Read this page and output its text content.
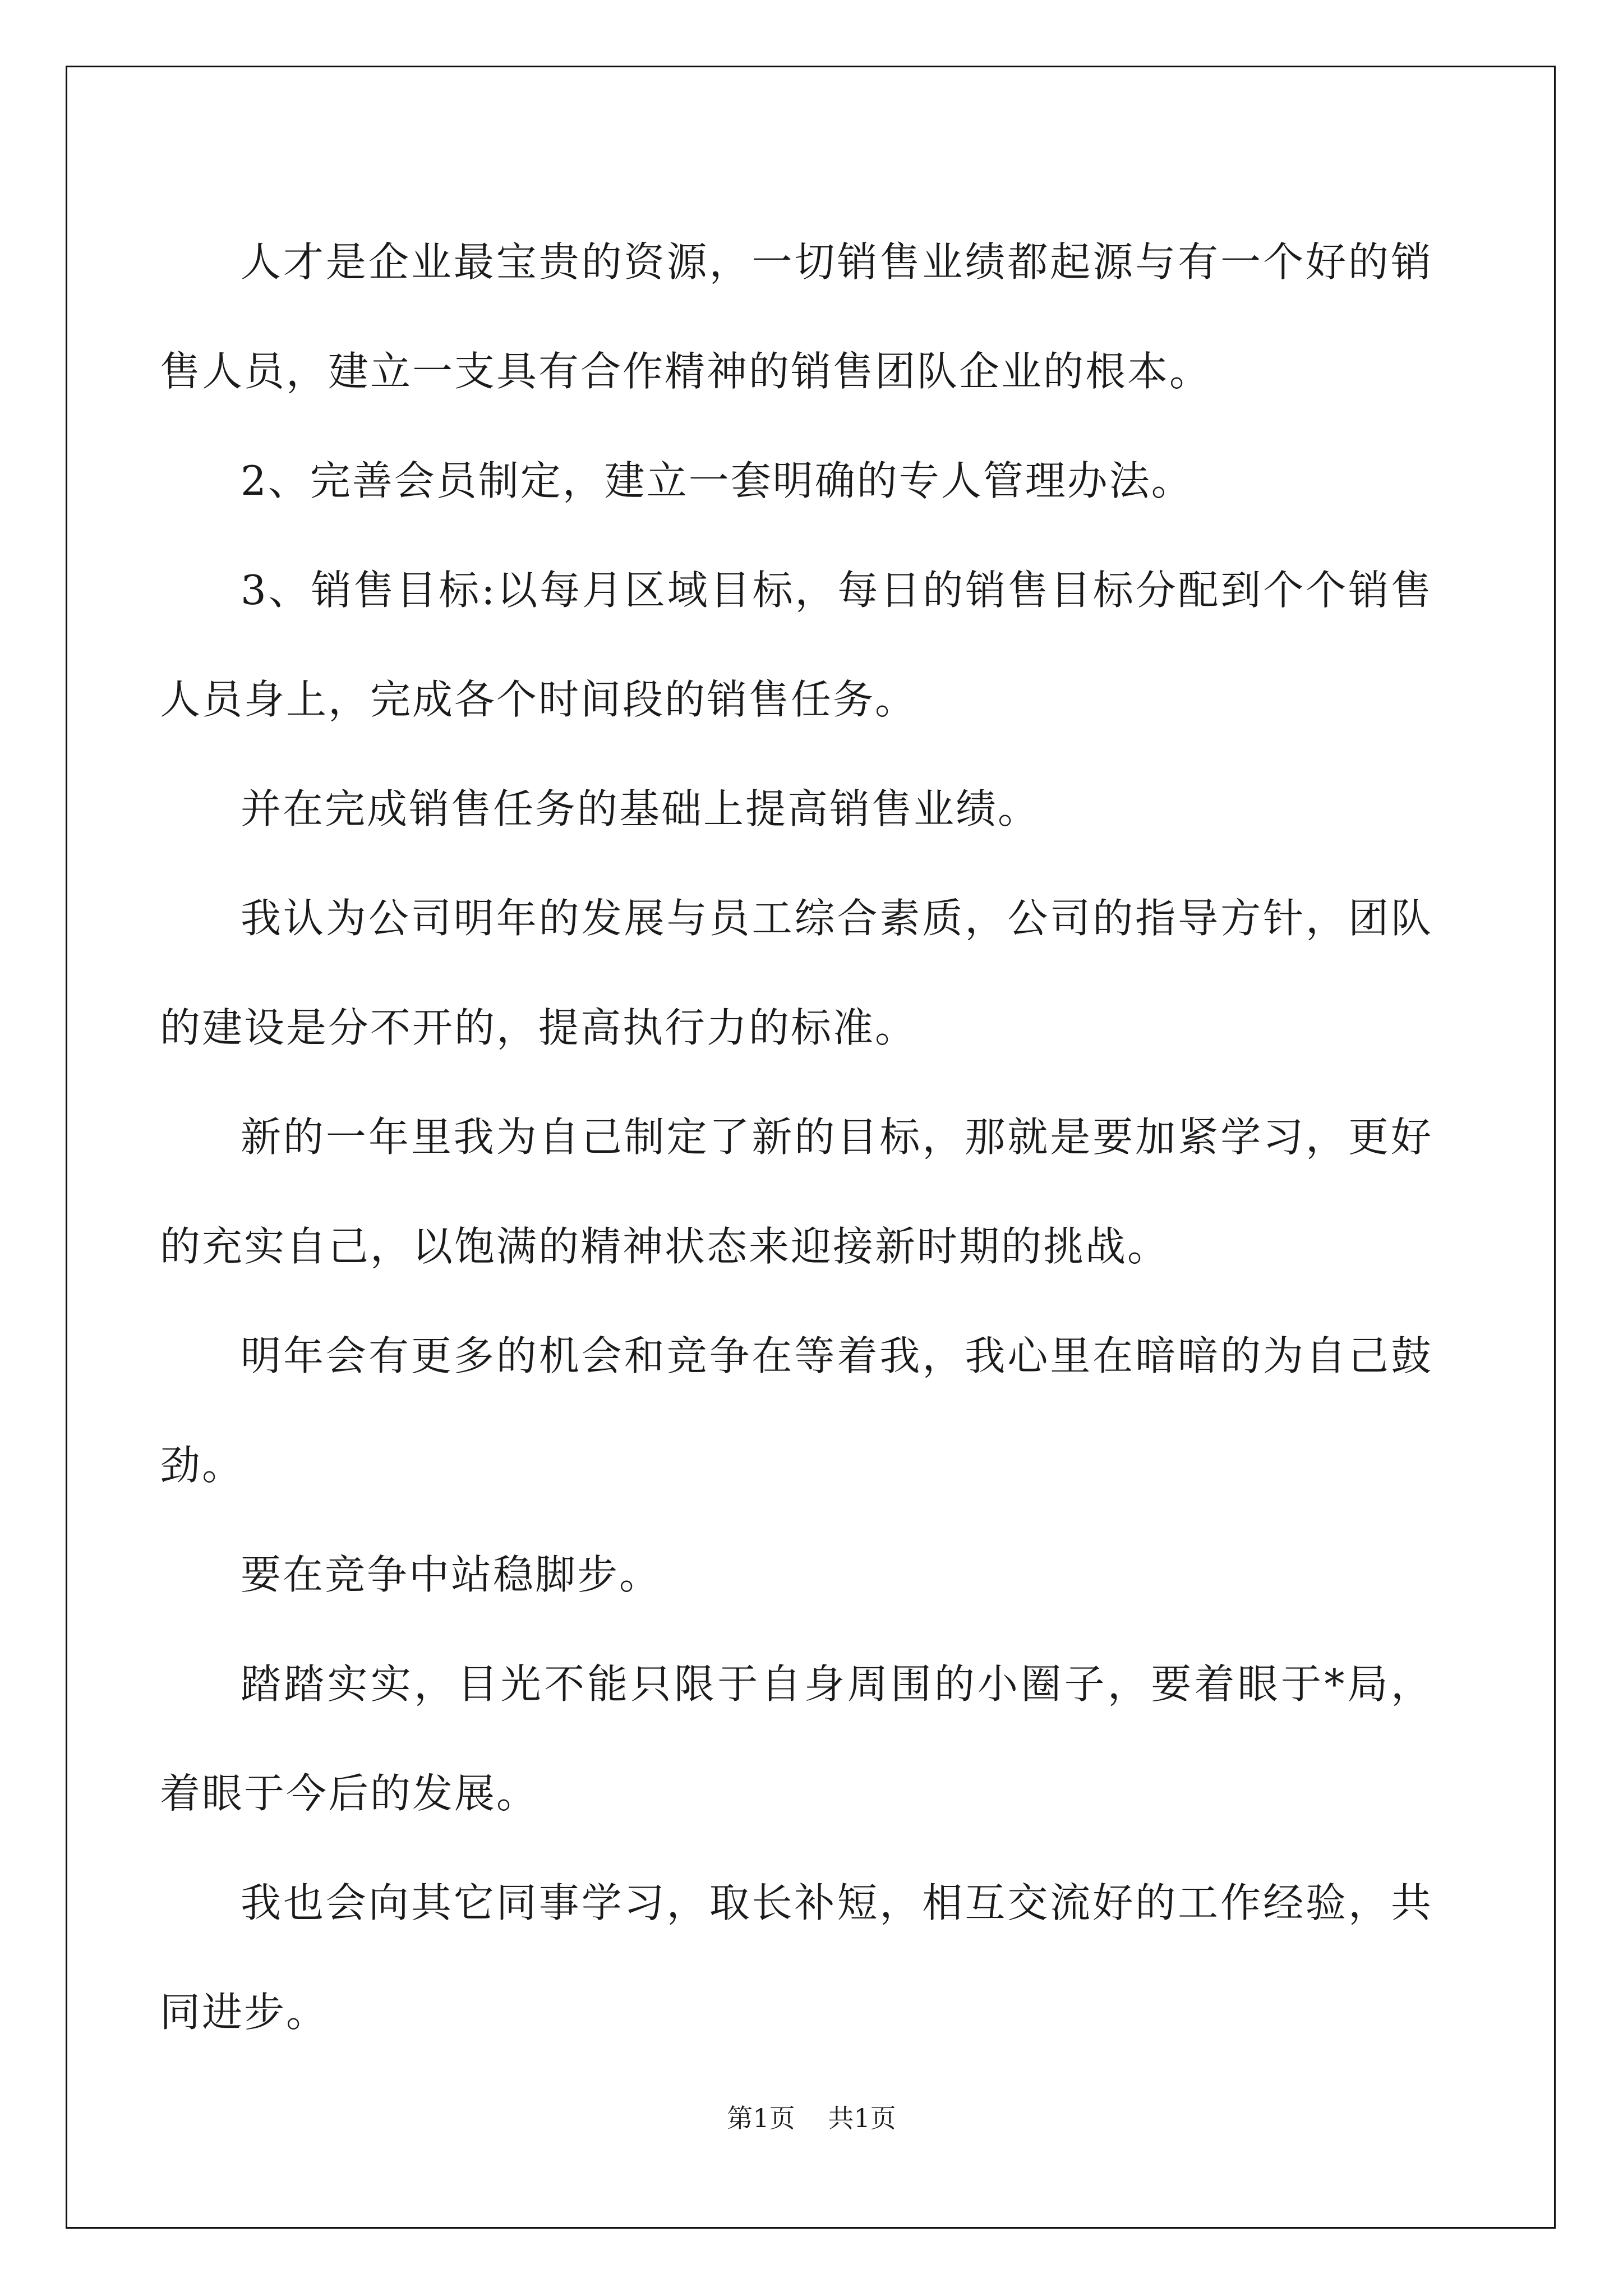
人才是企业最宝贵的资源，一切销售业绩都起源与有一个好的销售人员，建立一支具有合作精神的销售团队企业的根本。

2、完善会员制定，建立一套明确的专人管理办法。

3、销售目标:以每月区域目标，每日的销售目标分配到个个销售人员身上，完成各个时间段的销售任务。

并在完成销售任务的基础上提高销售业绩。

我认为公司明年的发展与员工综合素质，公司的指导方针，团队的建设是分不开的，提高执行力的标准。

新的一年里我为自己制定了新的目标，那就是要加紧学习，更好的充实自己，以饱满的精神状态来迎接新时期的挑战。

明年会有更多的机会和竞争在等着我，我心里在暗暗的为自己鼓劲。

要在竞争中站稳脚步。

踏踏实实，目光不能只限于自身周围的小圈子，要着眼于*局，着眼于今后的发展。

我也会向其它同事学习，取长补短，相互交流好的工作经验，共同进步。

第1页 共1页
